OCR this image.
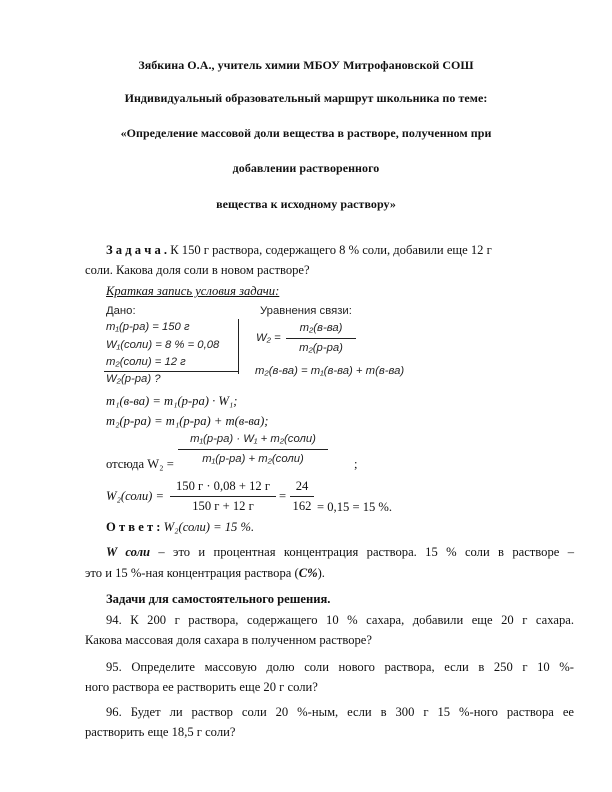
Зябкина О.А., учитель химии МБОУ Митрофановской СОШ
Индивидуальный образовательный маршрут школьника по теме:
«Определение массовой доли вещества в растворе, полученном при
добавлении растворенного
вещества к исходному раствору»
З а д а ч а . К 150 г раствора, содержащего 8 % соли, добавили еще 12 г
соли. Какова доля соли в новом растворе?
Краткая запись условия задачи:
Дано:
m₁(р-ра) = 150 г
W₁(соли) = 8 % = 0,08
m₂(соли) = 12 г
W₂(р-ра) ?
Уравнения связи:
W₂ =
m₂(в-ва)
m₂(р-ра)
m₂(в-ва) = m₁(в-ва) + m(в-ва)
m₁(в-ва) = m₁(р-ра) · W₁;
m₂(р-ра) = m₁(р-ра) + m(в-ва);
m₁(р-ра) · W₁ + m₂(соли)
m₁(р-ра) + m₂(соли)
отсюда W₂ =	;
150 г · 0,08 + 12 г
150 г + 12 г
W₂(соли) =	=
24
162 = 0,15 = 15 %.
О т в е т : W₂(соли) = 15 %.
W соли – это и процентная концентрация раствора. 15 % соли в растворе –
это и 15 %-ная концентрация раствора (С%).
Задачи для самостоятельного решения.
94. К 200 г раствора, содержащего 10 % сахара, добавили еще 20 г сахара.
Какова массовая доля сахара в полученном растворе?
95. Определите массовую долю соли нового раствора, если в 250 г 10 %-
ного раствора ее растворить еще 20 г соли?
96. Будет ли раствор соли 20 %-ным, если в 300 г 15 %-ного раствора ее
растворить еще 18,5 г соли?
